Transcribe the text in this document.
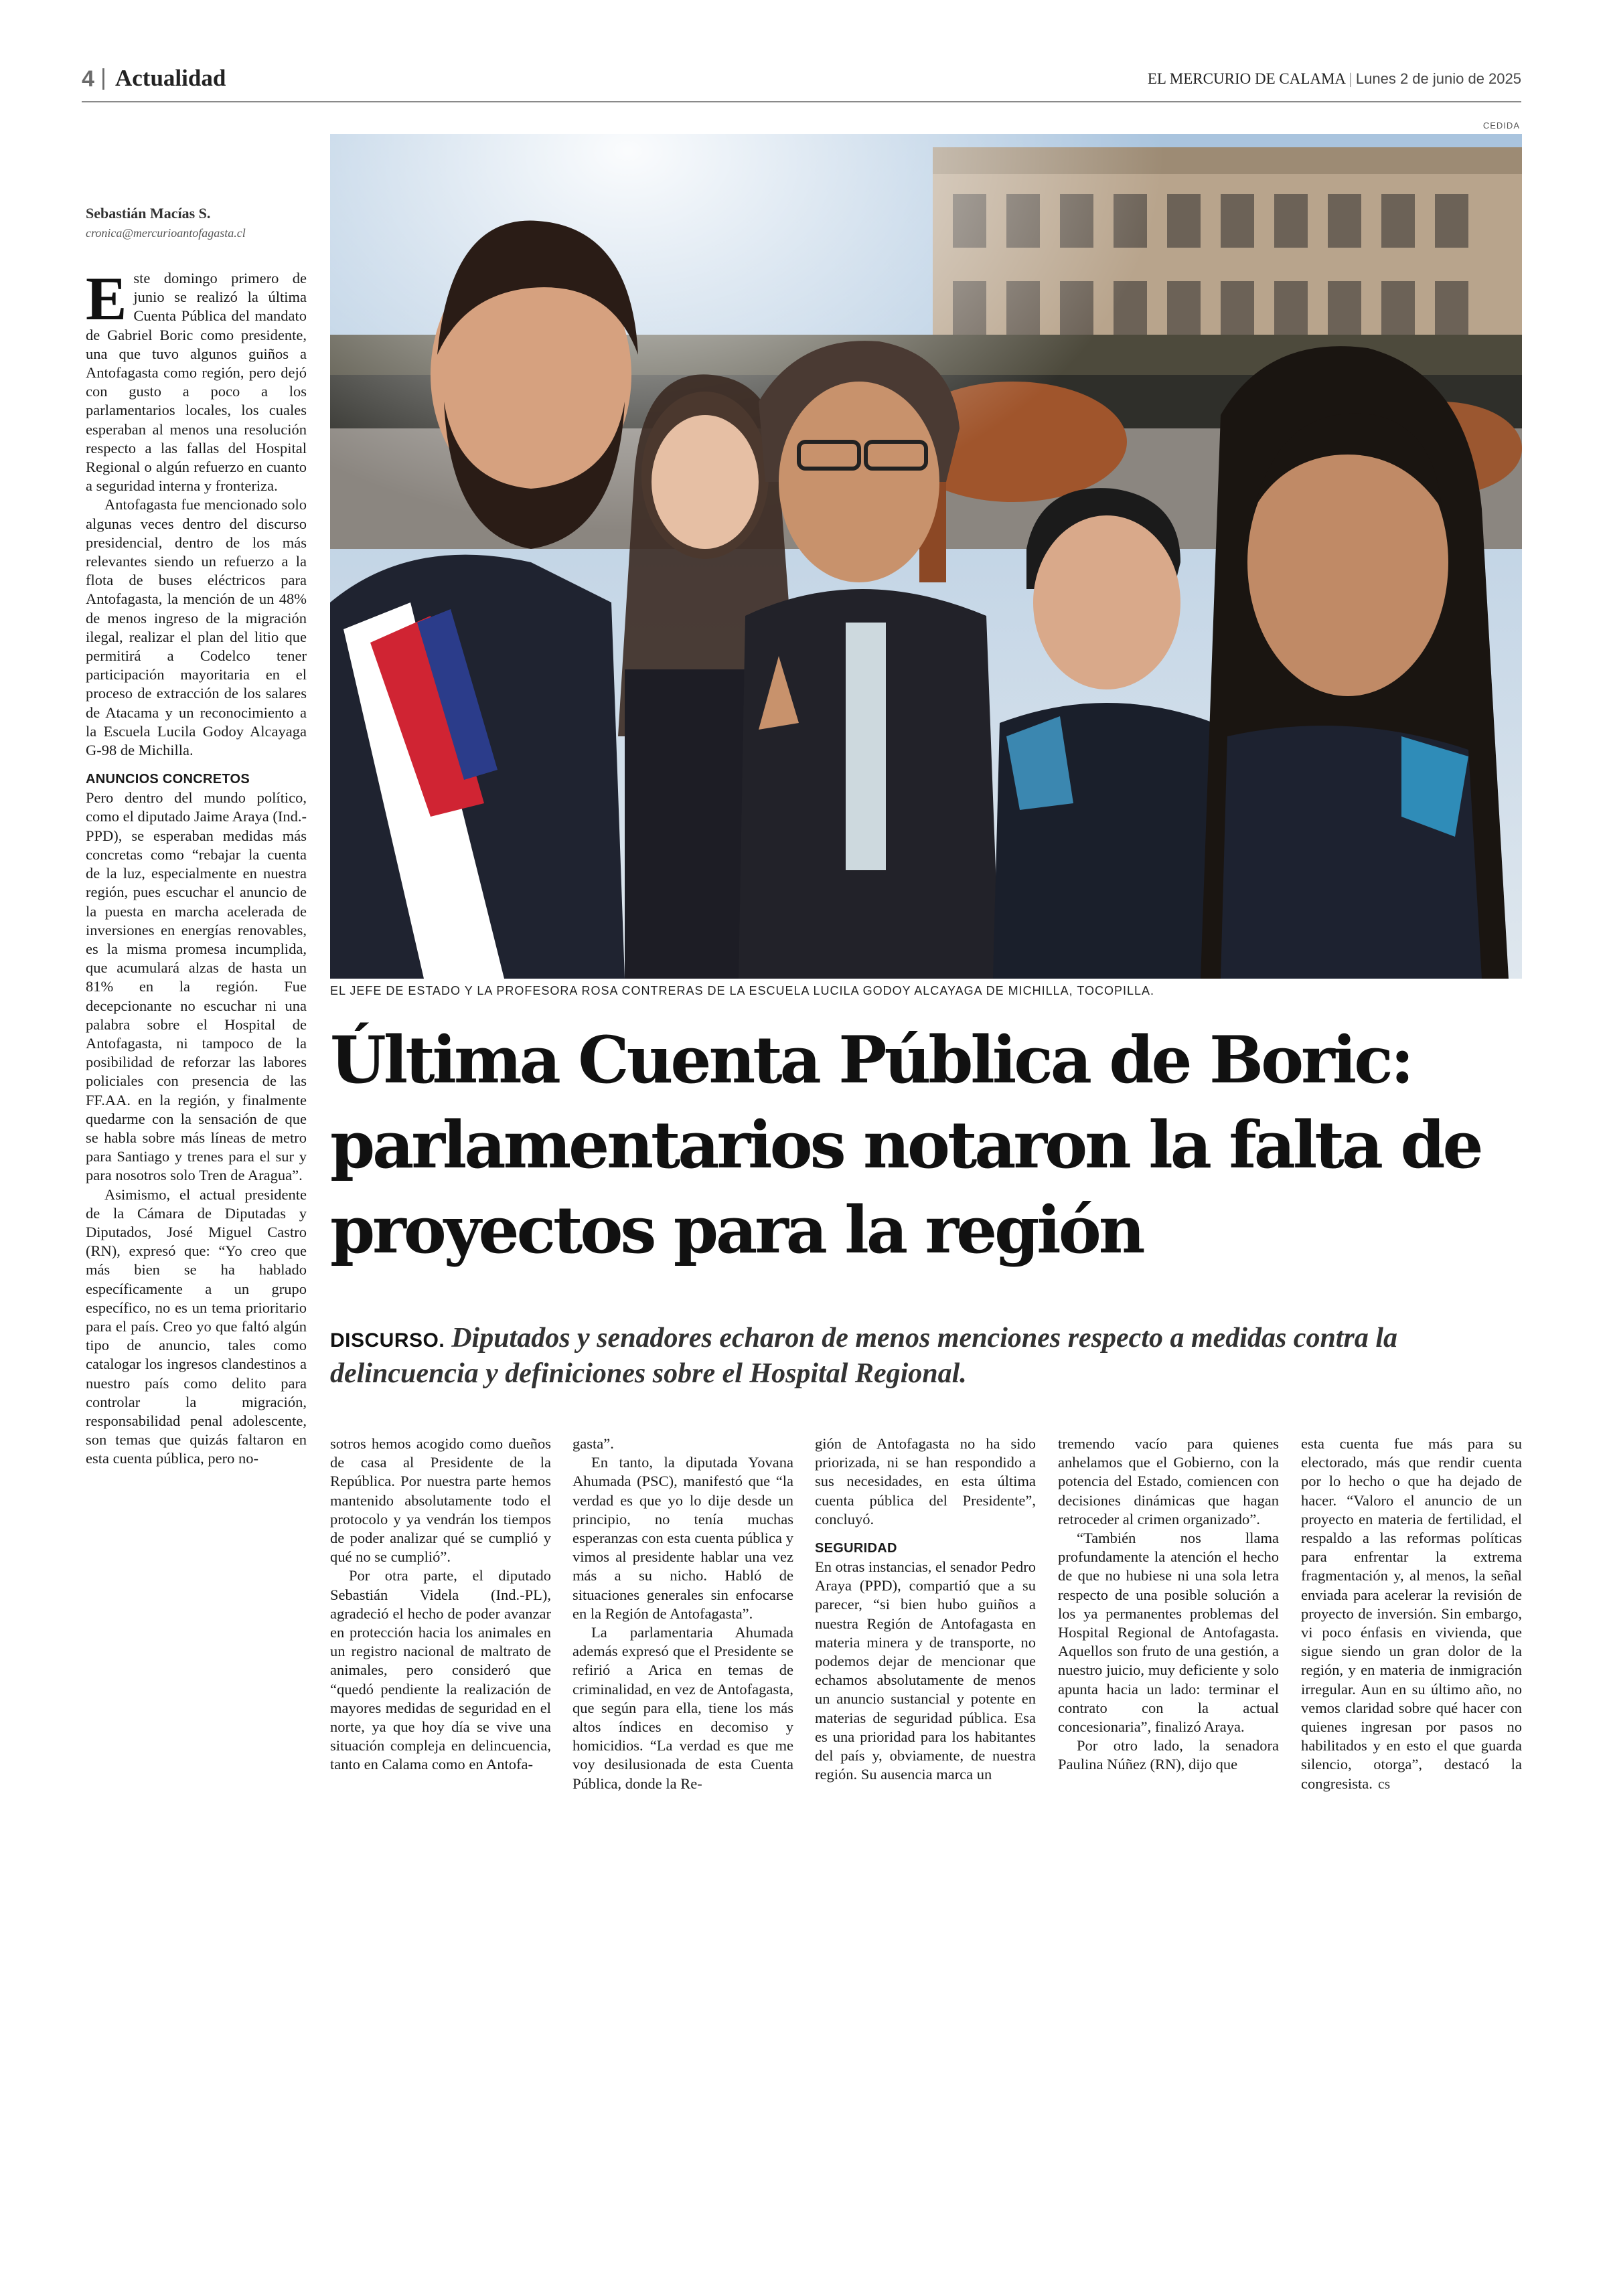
4 | Actualidad	EL MERCURIO DE CALAMA | Lunes 2 de junio de 2025
CEDIDA
EL JEFE DE ESTADO Y LA PROFESORA ROSA CONTRERAS DE LA ESCUELA LUCILA GODOY ALCAYAGA DE MICHILLA, TOCOPILLA.

Sebastián Macías S.

cronica@mercurioantofagasta.cl

Este domingo primero de junio se realizó la última Cuenta Pública del mandato de Gabriel Boric como presidente, una que tuvo algunos guiños a Antofagasta como región, pero dejó con gusto a poco a los parlamentarios locales, los cuales esperaban al menos una resolución respecto a las fallas del Hospital Regional o algún refuerzo en cuanto a seguridad interna y fronteriza.

Antofagasta fue mencionado solo algunas veces dentro del discurso presidencial, dentro de los más relevantes siendo un refuerzo a la flota de buses eléctricos para Antofagasta, la mención de un 48% de menos ingreso de la migración ilegal, realizar el plan del litio que permitirá a Codelco tener participación mayoritaria en el proceso de extracción de los salares de Atacama y un reconocimiento a la Escuela Lucila Godoy Alcayaga G-98 de Michilla.

ANUNCIOS CONCRETOS

Pero dentro del mundo político, como el diputado Jaime Araya (Ind.-PPD), se esperaban medidas más concretas como “rebajar la cuenta de la luz, especialmente en nuestra región, pues escuchar el anuncio de la puesta en marcha acelerada de inversiones en energías renovables, es la misma promesa incumplida, que acumulará alzas de hasta un 81% en la región. Fue decepcionante no escuchar ni una palabra sobre el Hospital de Antofagasta, ni tampoco de la posibilidad de reforzar las labores policiales con presencia de las FF.AA. en la región, y finalmente quedarme con la sensación de que se habla sobre más líneas de metro para Santiago y trenes para el sur y para nosotros solo Tren de Aragua”.

Asimismo, el actual presidente de la Cámara de Diputadas y Diputados, José Miguel Castro (RN), expresó que: “Yo creo que más bien se ha hablado específicamente a un grupo específico, no es un tema prioritario para el país. Creo yo que faltó algún tipo de anuncio, tales como catalogar los ingresos clandestinos a nuestro país como delito para controlar la migración, responsabilidad penal adolescente, son temas que quizás faltaron en esta cuenta pública, pero no-

Última Cuenta Pública de Boric: parlamentarios notaron la falta de proyectos para la región
DISCURSO. Diputados y senadores echaron de menos menciones respecto a medidas contra la delincuencia y definiciones sobre el Hospital Regional.

sotros hemos acogido como dueños de casa al Presidente de la República. Por nuestra parte hemos mantenido absolutamente todo el protocolo y ya vendrán los tiempos de poder analizar qué se cumplió y qué no se cumplió”.

Por otra parte, el diputado Sebastián Videla (Ind.-PL), agradeció el hecho de poder avanzar en protección hacia los animales en un registro nacional de maltrato de animales, pero consideró que “quedó pendiente la realización de mayores medidas de seguridad en el norte, ya que hoy día se vive una situación compleja en delincuencia, tanto en Calama como en Antofa-

gasta”.

En tanto, la diputada Yovana Ahumada (PSC), manifestó que “la verdad es que yo lo dije desde un principio, no tenía muchas esperanzas con esta cuenta pública y vimos al presidente hablar una vez más a su nicho. Habló de situaciones generales sin enfocarse en la Región de Antofagasta”.

La parlamentaria Ahumada además expresó que el Presidente se refirió a Arica en temas de criminalidad, en vez de Antofagasta, que según para ella, tiene los más altos índices en decomiso y homicidios. “La verdad es que me voy desilusionada de esta Cuenta Pública, donde la Re-

gión de Antofagasta no ha sido priorizada, ni se han respondido a sus necesidades, en esta última cuenta pública del Presidente”, concluyó.

SEGURIDAD

En otras instancias, el senador Pedro Araya (PPD), compartió que a su parecer, “si bien hubo guiños a nuestra Región de Antofagasta en materia minera y de transporte, no podemos dejar de mencionar que echamos absolutamente de menos un anuncio sustancial y potente en materias de seguridad pública. Esa es una prioridad para los habitantes del país y, obviamente, de nuestra región. Su ausencia marca un

tremendo vacío para quienes anhelamos que el Gobierno, con la potencia del Estado, comiencen con decisiones dinámicas que hagan retroceder al crimen organizado”.

“También nos llama profundamente la atención el hecho de que no hubiese ni una sola letra respecto de una posible solución a los ya permanentes problemas del Hospital Regional de Antofagasta. Aquellos son fruto de una gestión, a nuestro juicio, muy deficiente y solo apunta hacia un lado: terminar el contrato con la actual concesionaria”, finalizó Araya.

Por otro lado, la senadora Paulina Núñez (RN), dijo que

esta cuenta fue más para su electorado, más que rendir cuenta por lo hecho o que ha dejado de hacer. “Valoro el anuncio de un proyecto en materia de fertilidad, el respaldo a las reformas políticas para enfrentar la extrema fragmentación y, al menos, la señal enviada para acelerar la revisión de proyecto de inversión. Sin embargo, vi poco énfasis en vivienda, que sigue siendo un gran dolor de la región, y en materia de inmigración irregular. Aun en su último año, no vemos claridad sobre qué hacer con quienes ingresan por pasos no habilitados y en esto el que guarda silencio, otorga”, destacó la congresista. cs
